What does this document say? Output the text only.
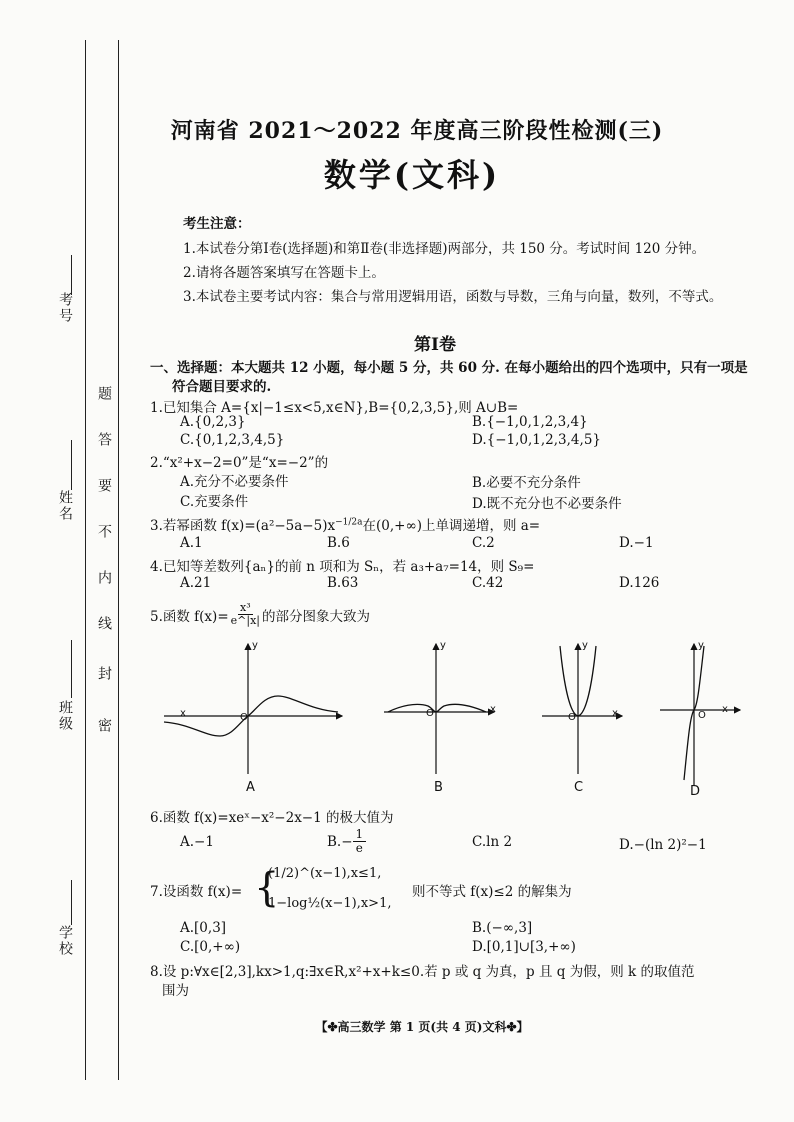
考号
姓名
班级
学校
密
封
线
内
不
要
答
题
河南省 2021～2022 年度高三阶段性检测(三)
数学(文科)
考生注意：
1.本试卷分第Ⅰ卷(选择题)和第Ⅱ卷(非选择题)两部分，共 150 分。考试时间 120 分钟。
2.请将各题答案填写在答题卡上。
3.本试卷主要考试内容：集合与常用逻辑用语，函数与导数，三角与向量，数列，不等式。
第Ⅰ卷
一、选择题：本大题共 12 小题，每小题 5 分，共 60 分. 在每小题给出的四个选项中，只有一项是
符合题目要求的.
1.已知集合 A={x|−1≤x<5,x∈N},B={0,2,3,5},则 A∪B=
A.{0,2,3}	B.{−1,0,1,2,3,4}
C.{0,1,2,3,4,5}	D.{−1,0,1,2,3,4,5}
2.“x²+x−2=0”是“x=−2”的
A.充分不必要条件	B.必要不充分条件
C.充要条件	D.既不充分也不必要条件
3.若幂函数 $f(x)=(a^2-5a-5)x^{-1/2a}$在(0,+∞)上单调递增，则 a=
A.1	B.6	C.2	D.−1
4.已知等差数列{aₙ}的前 n 项和为 Sₙ，若 a₃+a₇=14，则 S₉=
A.21	B.63	C.42	D.126
5.函数 $f(x)= \frac{\text{x³}}{e\^{}|x|}$ 的部分图象大致为
x
y
O
A
x
y
O
B
x
y
O
C
x
y
O
D
6.函数 f(x)=xeˣ−x²−2x−1 的极大值为
A.−1	$B.- \frac{1}{e}$	C.ln 2	D.−(ln 2)²−1
7.设函数 f(x)= {
(1/2)^(x−1),x≤1,
1−log½(x−1),x>1,
则不等式 f(x)≤2 的解集为
A.[0,3]	B.(−∞,3]
C.[0,+∞)	D.[0,1]∪[3,+∞)
8.设 p:∀x∈[2,3],kx>1,q:∃x∈R,x²+x+k≤0.若 p 或 q 为真，p 且 q 为假，则 k 的取值范
围为
【✤高三数学 第 1 页(共 4 页)文科✤】
